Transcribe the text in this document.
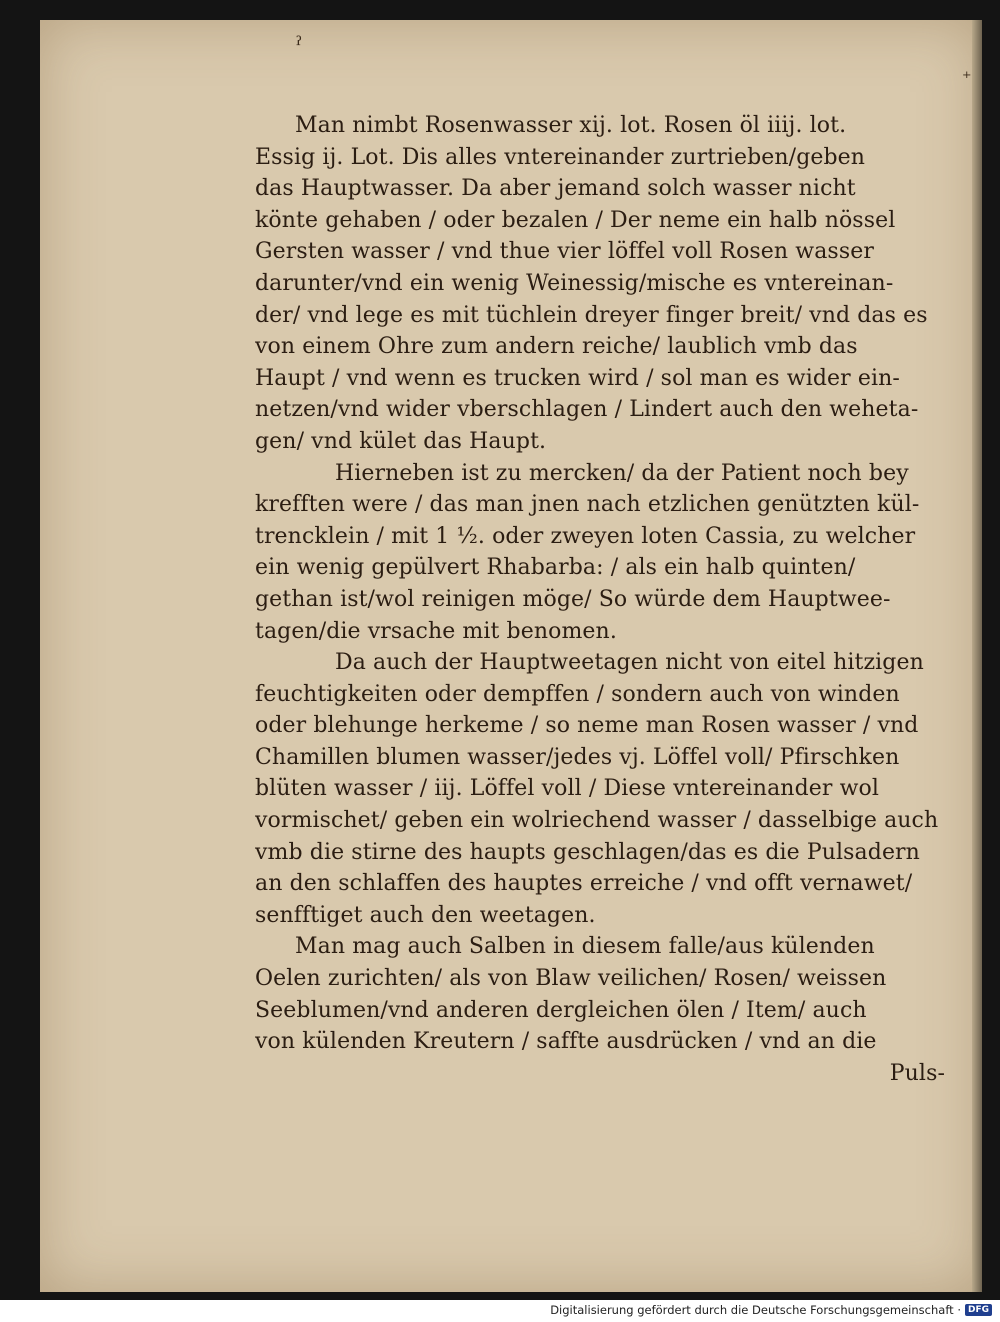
ˀ
⁺
Man nimbt Rosenwasser xij. lot. Rosen öl iiij. lot.
Essig ij. Lot. Dis alles vntereinander zurtrieben/geben
das Hauptwasser. Da aber jemand solch wasser nicht
könte gehaben / oder bezalen / Der neme ein halb nössel
Gersten wasser / vnd thue vier löffel voll Rosen wasser
darunter/vnd ein wenig Weinessig/mische es vntereinan-
der/ vnd lege es mit tüchlein dreyer finger breit/ vnd das es
von einem Ohre zum andern reiche/ laublich vmb das
Haupt / vnd wenn es trucken wird / sol man es wider ein-
netzen/vnd wider vberschlagen / Lindert auch den weheta-
gen/ vnd kület das Haupt.
Hierneben ist zu mercken/ da der Patient noch bey
krefften were / das man jnen nach etzlichen genützten kül-
trencklein / mit 1 ½. oder zweyen loten Cassia, zu welcher
ein wenig gepülvert Rhabarba: / als ein halb quinten/
gethan ist/wol reinigen möge/ So würde dem Hauptwee-
tagen/die vrsache mit benomen.
Da auch der Hauptweetagen nicht von eitel hitzigen
feuchtigkeiten oder dempffen / sondern auch von winden
oder blehunge herkeme / so neme man Rosen wasser / vnd
Chamillen blumen wasser/jedes vj. Löffel voll/ Pfirschken
blüten wasser / iij. Löffel voll / Diese vntereinander wol
vormischet/ geben ein wolriechend wasser / dasselbige auch
vmb die stirne des haupts geschlagen/das es die Pulsadern
an den schlaffen des hauptes erreiche / vnd offt vernawet/
senfftiget auch den weetagen.
Man mag auch Salben in diesem falle/aus külenden
Oelen zurichten/ als von Blaw veilichen/ Rosen/ weissen
Seeblumen/vnd anderen dergleichen ölen / Item/ auch
von külenden Kreutern / saffte ausdrücken / vnd an die
Puls-
Digitalisierung gefördert durch die Deutsche Forschungsgemeinschaft · DFG
